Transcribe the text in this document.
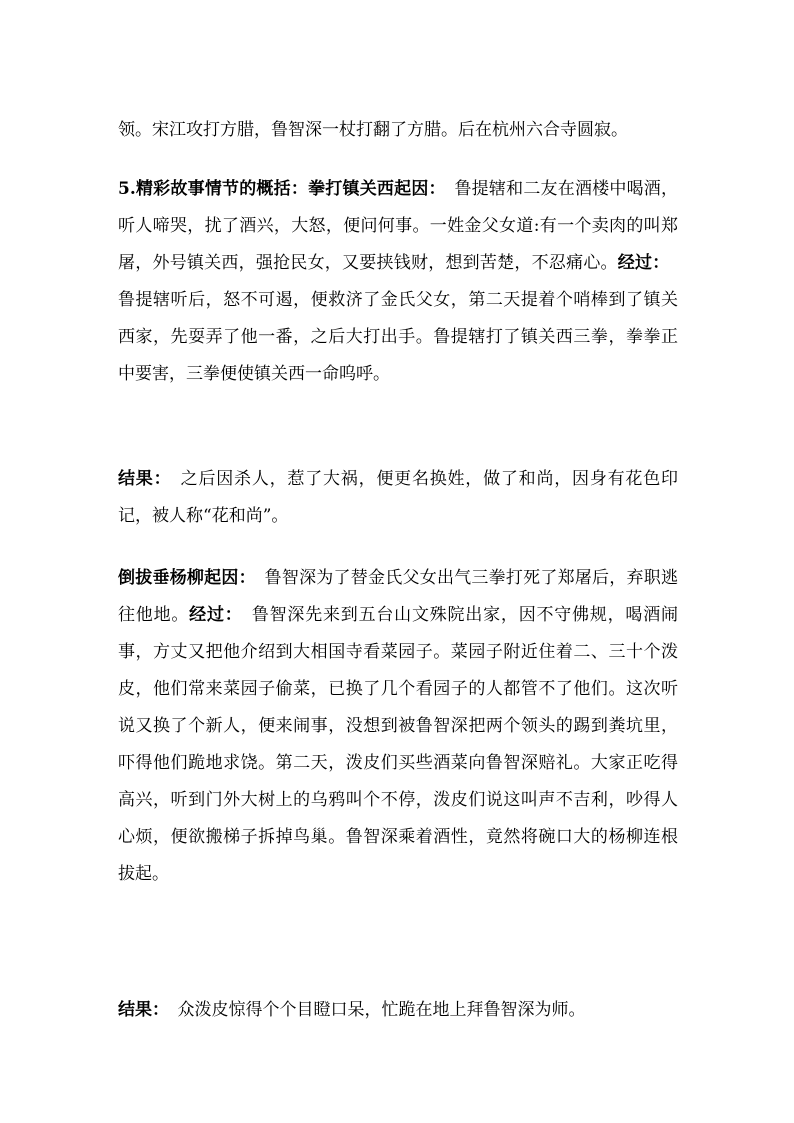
领。宋江攻打方腊，鲁智深一杖打翻了方腊。后在杭州六合寺圆寂。

5.精彩故事情节的概括：拳打镇关西起因：　鲁提辖和二友在酒楼中喝酒，听人啼哭，扰了酒兴，大怒，便问何事。一姓金父女道:有一个卖肉的叫郑屠，外号镇关西，强抢民女，又要挟钱财，想到苦楚，不忍痛心。经过：　鲁提辖听后，怒不可遏，便救济了金氏父女，第二天提着个哨棒到了镇关西家，先耍弄了他一番，之后大打出手。鲁提辖打了镇关西三拳，拳拳正中要害，三拳便使镇关西一命呜呼。

结果：　之后因杀人，惹了大祸，便更名换姓，做了和尚，因身有花色印记，被人称“花和尚”。

倒拔垂杨柳起因：　鲁智深为了替金氏父女出气三拳打死了郑屠后，弃职逃往他地。经过：　鲁智深先来到五台山文殊院出家，因不守佛规，喝酒闹事，方丈又把他介绍到大相国寺看菜园子。菜园子附近住着二、三十个泼皮，他们常来菜园子偷菜，已换了几个看园子的人都管不了他们。这次听说又换了个新人，便来闹事，没想到被鲁智深把两个领头的踢到粪坑里，吓得他们跪地求饶。第二天，泼皮们买些酒菜向鲁智深赔礼。大家正吃得高兴，听到门外大树上的乌鸦叫个不停，泼皮们说这叫声不吉利，吵得人心烦，便欲搬梯子拆掉鸟巢。鲁智深乘着酒性，竟然将碗口大的杨柳连根拔起。

结果：　众泼皮惊得个个目瞪口呆，忙跪在地上拜鲁智深为师。
